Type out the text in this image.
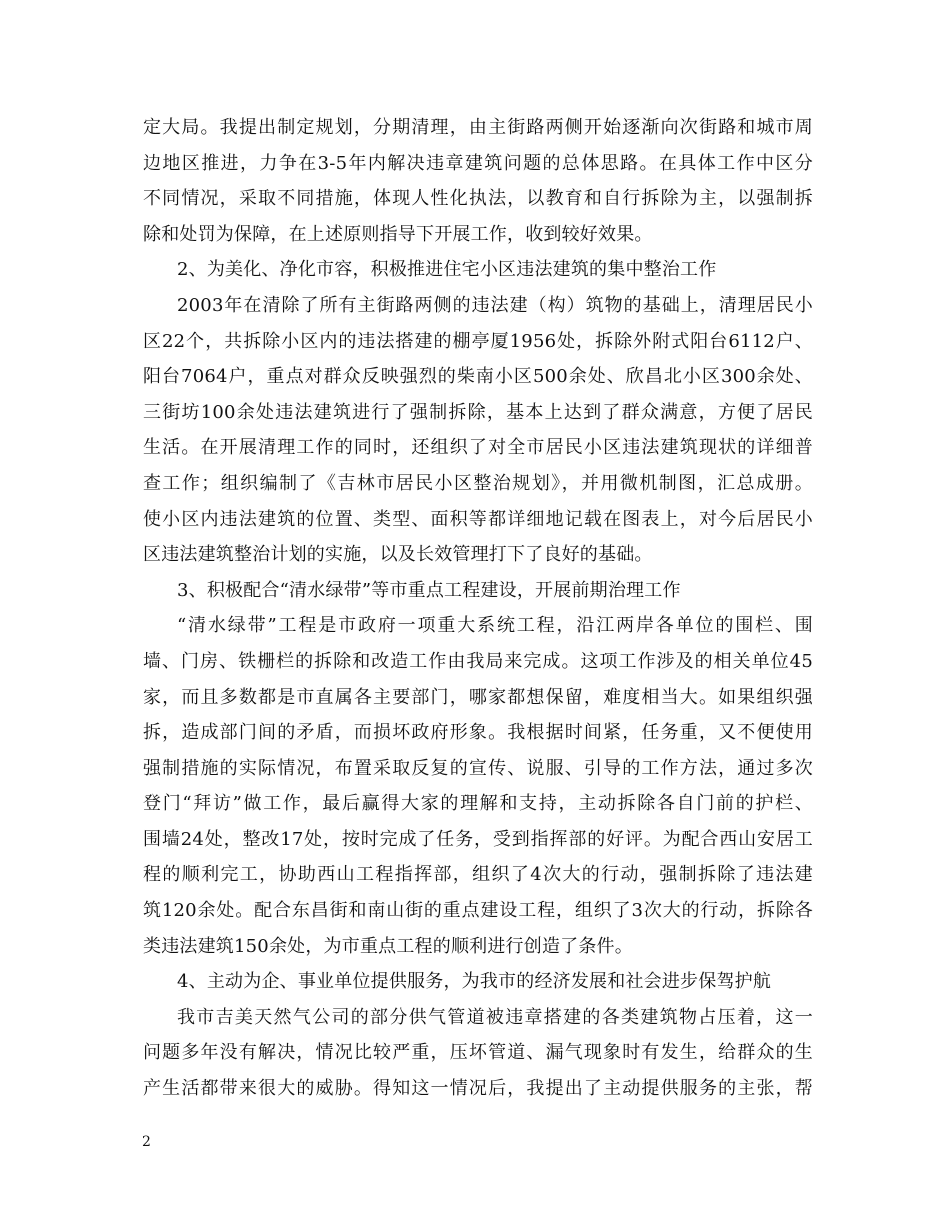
定大局。我提出制定规划，分期清理，由主街路两侧开始逐渐向次街路和城市周
边地区推进，力争在3-5年内解决违章建筑问题的总体思路。在具体工作中区分
不同情况，采取不同措施，体现人性化执法，以教育和自行拆除为主，以强制拆
除和处罚为保障，在上述原则指导下开展工作，收到较好效果。
2、为美化、净化市容，积极推进住宅小区违法建筑的集中整治工作
2003年在清除了所有主街路两侧的违法建（构）筑物的基础上，清理居民小
区22个，共拆除小区内的违法搭建的棚亭厦1956处，拆除外附式阳台6112户、
阳台7064户，重点对群众反映强烈的柴南小区500余处、欣昌北小区300余处、
三街坊100余处违法建筑进行了强制拆除，基本上达到了群众满意，方便了居民
生活。在开展清理工作的同时，还组织了对全市居民小区违法建筑现状的详细普
查工作；组织编制了《吉林市居民小区整治规划》，并用微机制图，汇总成册。
使小区内违法建筑的位置、类型、面积等都详细地记载在图表上，对今后居民小
区违法建筑整治计划的实施，以及长效管理打下了良好的基础。
3、积极配合“清水绿带”等市重点工程建设，开展前期治理工作
“清水绿带”工程是市政府一项重大系统工程，沿江两岸各单位的围栏、围
墙、门房、铁栅栏的拆除和改造工作由我局来完成。这项工作涉及的相关单位45
家，而且多数都是市直属各主要部门，哪家都想保留，难度相当大。如果组织强
拆，造成部门间的矛盾，而损坏政府形象。我根据时间紧，任务重，又不便使用
强制措施的实际情况，布置采取反复的宣传、说服、引导的工作方法，通过多次
登门“拜访”做工作，最后赢得大家的理解和支持，主动拆除各自门前的护栏、
围墙24处，整改17处，按时完成了任务，受到指挥部的好评。为配合西山安居工
程的顺利完工，协助西山工程指挥部，组织了4次大的行动，强制拆除了违法建
筑120余处。配合东昌街和南山街的重点建设工程，组织了3次大的行动，拆除各
类违法建筑150余处，为市重点工程的顺利进行创造了条件。
4、主动为企、事业单位提供服务，为我市的经济发展和社会进步保驾护航
我市吉美天然气公司的部分供气管道被违章搭建的各类建筑物占压着，这一
问题多年没有解决，情况比较严重，压坏管道、漏气现象时有发生，给群众的生
产生活都带来很大的威胁。得知这一情况后，我提出了主动提供服务的主张，帮
2
